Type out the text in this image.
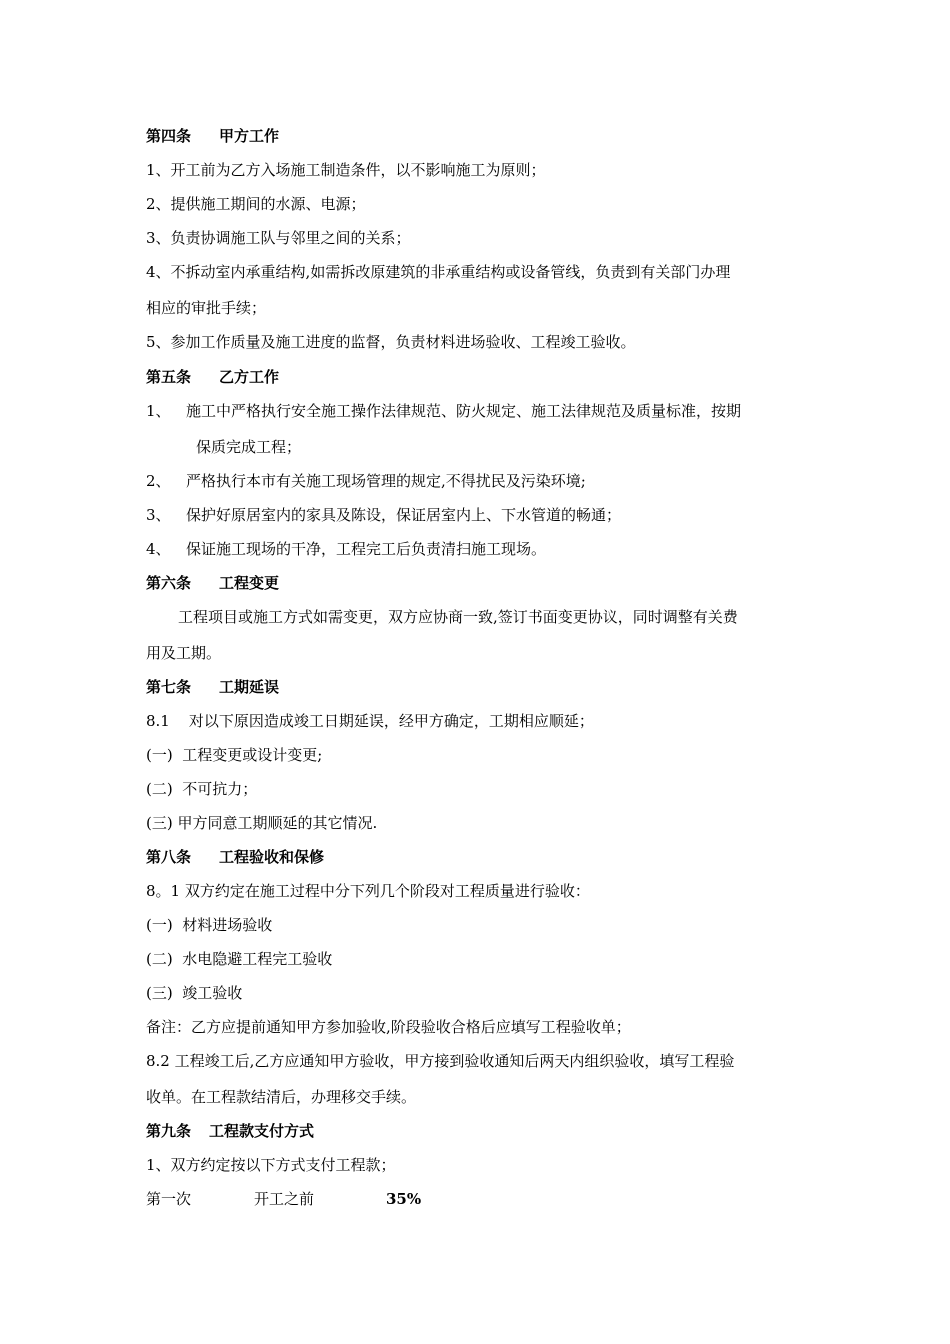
第四条 甲方工作
1、开工前为乙方入场施工制造条件，以不影响施工为原则；
2、提供施工期间的水源、电源；
3、负责协调施工队与邻里之间的关系；
4、不拆动室内承重结构,如需拆改原建筑的非承重结构或设备管线，负责到有关部门办理
相应的审批手续；
5、参加工作质量及施工进度的监督，负责材料进场验收、工程竣工验收。
第五条 乙方工作
1、 施工中严格执行安全施工操作法律规范、防火规定、施工法律规范及质量标准，按期
保质完成工程；
2、 严格执行本市有关施工现场管理的规定,不得扰民及污染环境;
3、 保护好原居室内的家具及陈设，保证居室内上、下水管道的畅通；
4、 保证施工现场的干净，工程完工后负责清扫施工现场。
第六条 工程变更
工程项目或施工方式如需变更，双方应协商一致,签订书面变更协议，同时调整有关费
用及工期。
第七条 工期延误
8.1    对以下原因造成竣工日期延误，经甲方确定，工期相应顺延；
(一)  工程变更或设计变更;
(二)  不可抗力；
(三) 甲方同意工期顺延的其它情况.
第八条 工程验收和保修
8。1 双方约定在施工过程中分下列几个阶段对工程质量进行验收：
(一)  材料进场验收
(二)  水电隐避工程完工验收
(三)  竣工验收
备注：乙方应提前通知甲方参加验收,阶段验收合格后应填写工程验收单；
8.2 工程竣工后,乙方应通知甲方验收，甲方接到验收通知后两天内组织验收，填写工程验
收单。在工程款结清后，办理移交手续。
第九条 工程款支付方式
1、双方约定按以下方式支付工程款；
第一次	开工之前	35%
